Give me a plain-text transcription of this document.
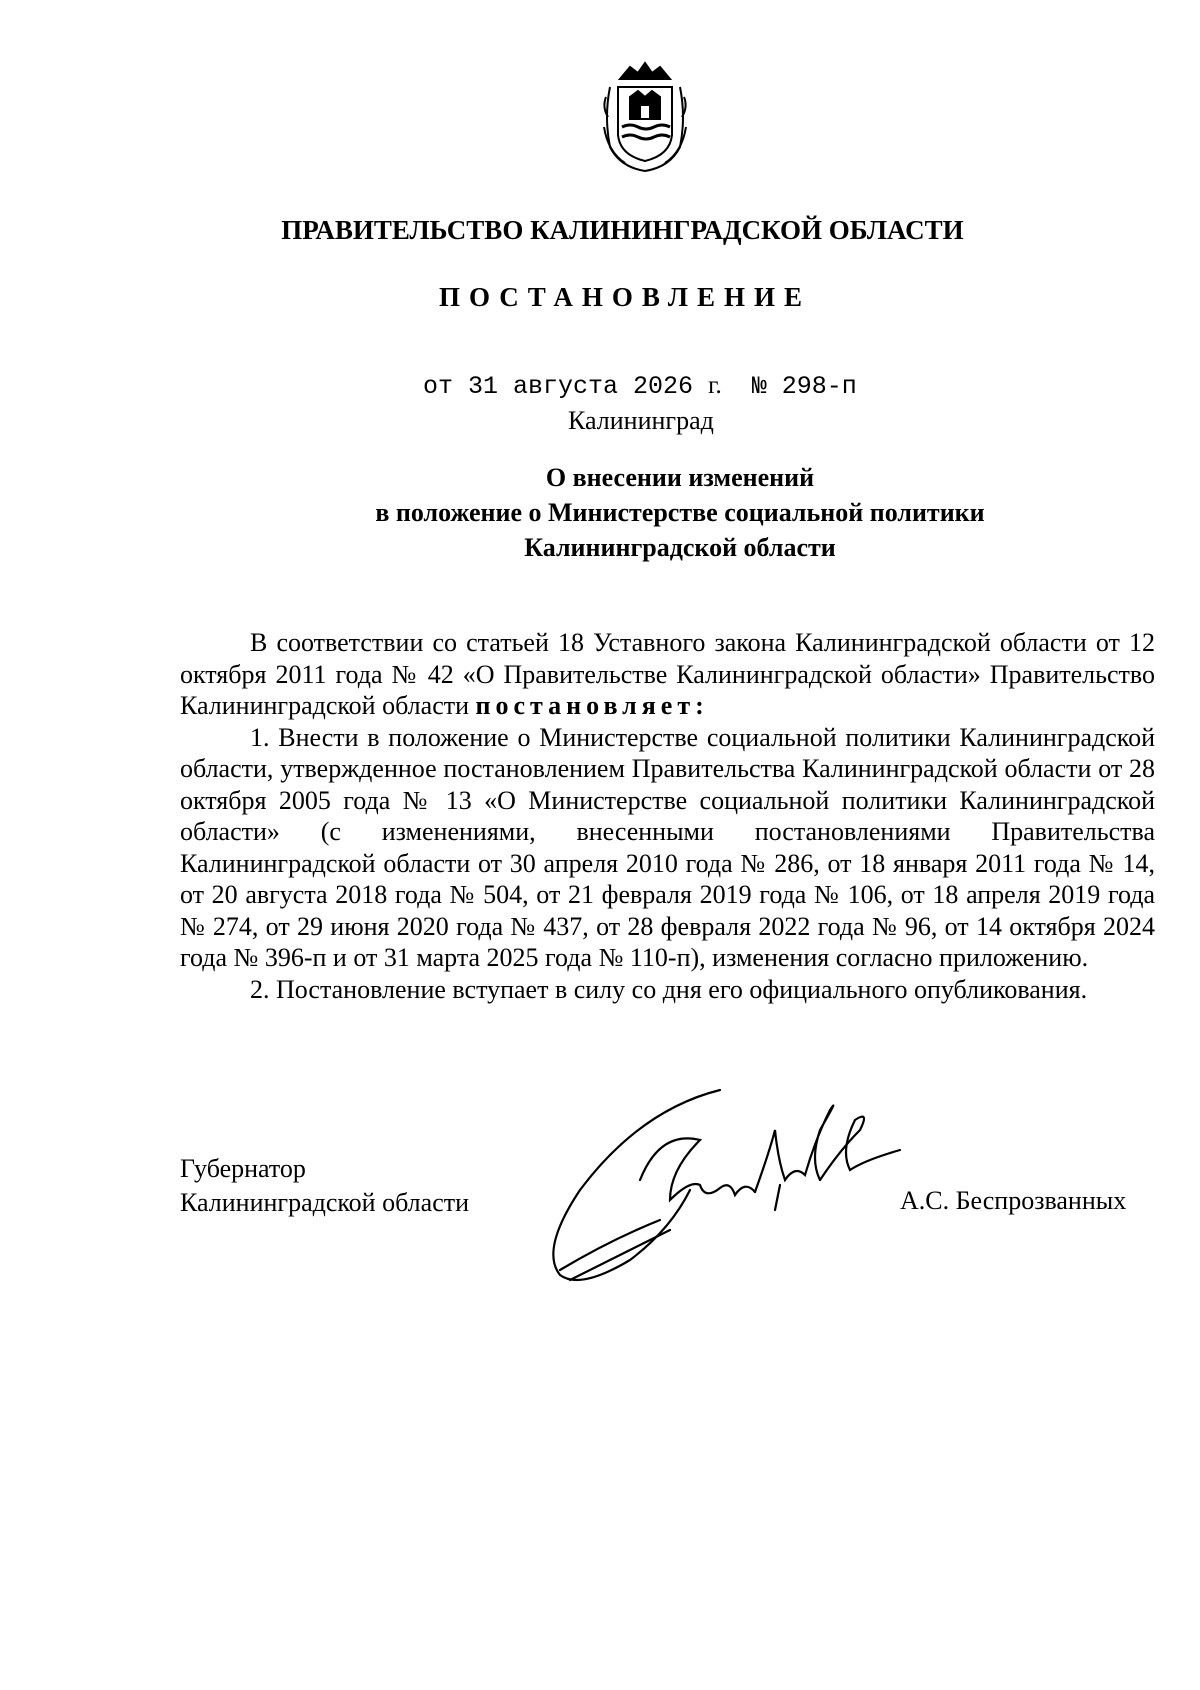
ПРАВИТЕЛЬСТВО КАЛИНИНГРАДСКОЙ ОБЛАСТИ
ПОСТАНОВЛЕНИЕ
от 31 августа 2026 г. № 298-п
Калининград
О внесении изменений
в положение о Министерстве социальной политики
Калининградской области

В соответствии со статьей 18 Уставного закона Калининградской области от 12 октября 2011 года № 42 «О Правительстве Калининградской области» Правительство Калининградской области постановляет:

1. Внести в положение о Министерстве социальной политики Калининградской области, утвержденное постановлением Правительства Калининградской области от 28 октября 2005 года № 13 «О Министерстве социальной политики Калининградской области» (с изменениями, внесенными постановлениями Правительства Калининградской области от 30 апреля 2010 года № 286, от 18 января 2011 года № 14, от 20 августа 2018 года № 504, от 21 февраля 2019 года № 106, от 18 апреля 2019 года № 274, от 29 июня 2020 года № 437, от 28 февраля 2022 года № 96, от 14 октября 2024 года № 396-п и от 31 марта 2025 года № 110-п), изменения согласно приложению.

2. Постановление вступает в силу со дня его официального опубликования.

Губернатор
Калининградской области	А.С. Беспрозванных
